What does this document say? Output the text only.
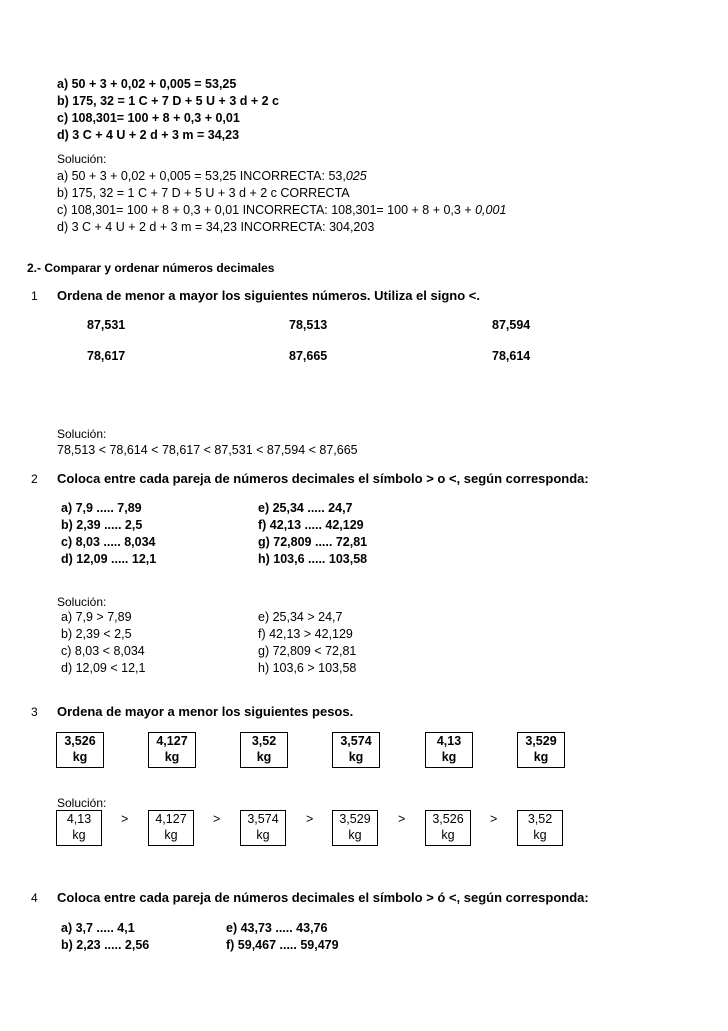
a) 50 + 3 + 0,02 + 0,005 = 53,25
b) 175, 32 = 1 C + 7 D + 5 U + 3 d + 2 c
c) 108,301= 100 + 8 + 0,3 + 0,01
d) 3 C + 4 U + 2 d + 3 m = 34,23
Solución:
a) 50 + 3 + 0,02 + 0,005 = 53,25 INCORRECTA: 53,025
b) 175, 32 = 1 C + 7 D + 5 U + 3 d + 2 c CORRECTA
c) 108,301= 100 + 8 + 0,3 + 0,01 INCORRECTA: 108,301= 100 + 8 + 0,3 + 0,001
d) 3 C + 4 U + 2 d + 3 m = 34,23 INCORRECTA: 304,203
2.- Comparar y ordenar números decimales
1 Ordena de menor a mayor los siguientes números. Utiliza el signo <.
87,531	78,513	87,594
78,617	87,665	78,614
Solución:
78,513 < 78,614 < 78,617 < 87,531 < 87,594 < 87,665
2 Coloca entre cada pareja de números decimales el símbolo > o <, según corresponda:
a) 7,9 ..... 7,89
b) 2,39 ..... 2,5
c) 8,03 ..... 8,034
d) 12,09 ..... 12,1
e) 25,34 ..... 24,7
f) 42,13 ..... 42,129
g) 72,809 ..... 72,81
h) 103,6 ..... 103,58
Solución:
a) 7,9 > 7,89
b) 2,39 < 2,5
c) 8,03 < 8,034
d) 12,09 < 12,1
e) 25,34 > 24,7
f) 42,13 > 42,129
g) 72,809 < 72,81
h) 103,6 > 103,58
3 Ordena de mayor a menor los siguientes pesos.
3,526
kg
4,127
kg
3,52
kg
3,574
kg
4,13
kg
3,529
kg
Solución:
4,13
kg
>	4,127
kg
>	3,574
kg
>	3,529
kg
>	3,526
kg
>	3,52
kg
4 Coloca entre cada pareja de números decimales el símbolo > ó <, según corresponda:
a) 3,7 ..... 4,1
b) 2,23 ..... 2,56
e) 43,73 ..... 43,76
f) 59,467 ..... 59,479
